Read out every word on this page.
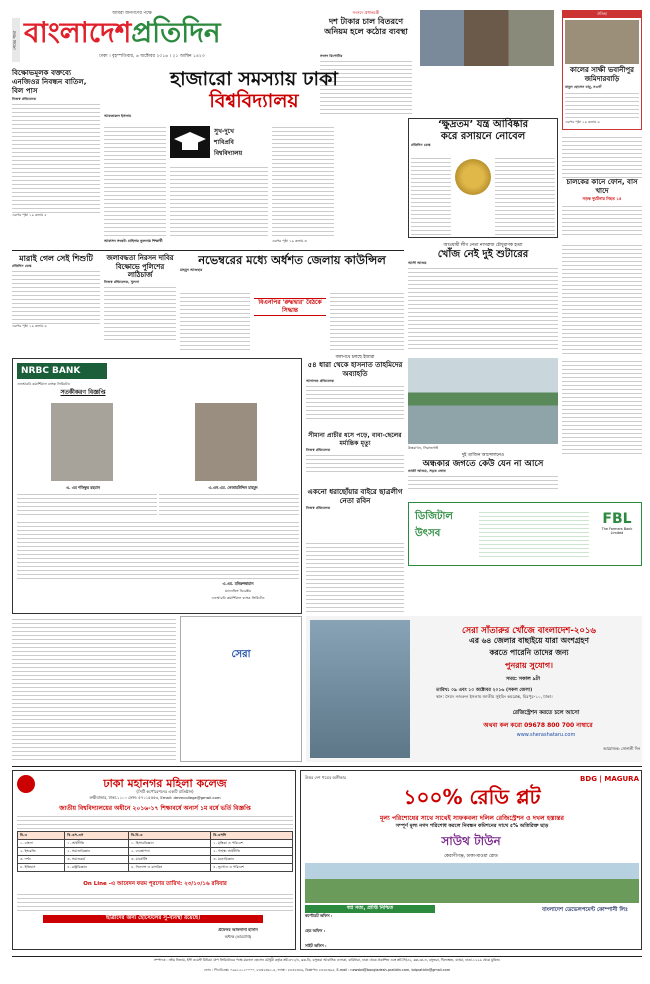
শেষের পাতা
আমরা জনগণের পক্ষে
বাংলাদেশপ্রতিদিন
ঢাকা । বৃহস্পতিবার, ৬ অক্টোবর ২০১৬ । ২১ আশ্বিন ১৪২৩
সংসদে প্রধানমন্ত্রী
দশ টাকার চাল বিতরণে অনিয়ম হলে কঠোর ব্যবস্থা
সংসদ রিপোর্টার
ঐতিহ্য
কালের সাক্ষী ভবানীপুর জমিদারবাড়ি
বাবুল হোসেন বাবু, নওগাঁ
এরপর পৃষ্ঠা ১৯ কলাম ৬
বিক্ষোভমূলক বক্তব্যে এনজিওর নিবন্ধন বাতিল, বিল পাস
নিজস্ব প্রতিবেদক
এরপর পৃষ্ঠা ১৯ কলাম ৫
হাজারো সমস্যায় ঢাকা
বিশ্ববিদ্যালয়
আকতারুল ইসলাম
সুখ-দুখে
শাবিপ্রবি
বিশ্ববিদ্যালয়
আবাসন সংকট: চাহিদার তুলনায় শিক্ষার্থী	এরপর পৃষ্ঠা ১৯ কলাম ৩
‘ক্ষুদ্রতম’ যন্ত্র আবিষ্কার
করে রসায়নে নোবেল
প্রতিদিন ডেস্ক
চালকের কানে ফোন, বাস খাদে
সড়ক দুর্ঘটনায় নিহত ১৫
আওয়ামী লীগ নেতা নাসরাজ চৌধুরাণক হত্যা
খোঁজ নেই দুই শুটারের
আলী আজম
মারাই গেল সেই শিশুটি
প্রতিদিন ডেস্ক
এরপর পৃষ্ঠা ১৯ কলাম ৬
জলাবদ্ধতা নিরসন দাবির বিক্ষোভে পুলিশের লাঠিচার্জ
নিজস্ব প্রতিবেদক, খুলনা
নভেম্বরের মধ্যে অর্ধশত জেলায় কাউন্সিল
মাহমুদ আজহার
বিএনপির 'রুদ্ধদ্বার' বৈঠকে সিদ্ধান্ত
জলপথে চলছে ইজারা
৫৪ ধারা থেকে হাসনাত তাহমিদের অব্যাহতি
আদালত প্রতিবেদক
উত্তরাখন, সিরাজগঞ্জ
সীমানা প্রাচীর ধসে পড়ে, বাবা-ছেলের মর্মান্তিক মৃত্যু
নিজস্ব প্রতিবেদক
দুই তাজিন আন্দোলনেও
অন্ধকার জগতে কেউ যেন না আসে
তাজী আজম, সড়ক স্রোত
NRBC BANK
এনআরবি কমার্শিয়াল ব্যাংক লিমিটেড
সতর্কীকরণ বিজ্ঞপ্তি
এ. এম শফিকুর রহমান	এ.এস.এম. নেজামউদ্দিন মাহমুদ
এ.এম. মনিরুজ্জামান
ম্যানেজিং ডিরেক্টর
এনআরবি কমার্শিয়াল ব্যাংক লিমিটেড
একনো ধরাছোঁয়ার বাইরে ছাত্রলীগ নেতা রবিন
নিজস্ব প্রতিবেদক
ডিজিটাল উৎসব
FBL
The Farmers Bank Limited
সেরা সাঁতারুর খোঁজে বাংলাদেশ-২০১৬
এর ৬৪ জেলার বাছাইয়ে যারা অংশগ্রহণ
করতে পারেনি তাদের জন্য
পুনরায় সুযোগ।
সময়: সকাল ৯টা
তারিখ: ০৯ এবং ১০ অক্টোবর ২০১৬ (সকল জেলা)
স্থান: সৈয়দ নজরুল ইসলাম জাতীয় সুইমিং কমপ্লেক্স, মিরপুর-১০, ঢাকা।
রেজিস্ট্রেশন করতে চলে আসো
অথবা কল করো 09678 800 700 নাম্বারে
www.sherashataru.com
আয়োজক: সোনালী দিন
সেরা
ঢাকা মহানগর মহিলা কলেজ
(সিটি কর্পোরেশনের একটি প্রতিষ্ঠান)
লক্ষীবাজার, ঢাকা-১১০০ ফোন: ৫৭১১৫৫৫৩, Email: dmmcollege@gmail.com
জাতীয় বিশ্ববিদ্যালয়ের অধীনে ২০১৬-১৭ শিক্ষাবর্ষে অনার্স ১ম বর্ষে ভর্তি বিজ্ঞপ্তি
বি.এ	বি.এস.এস	বি.বি.এ	বি.এসসি
১. বাংলা	১. অর্থনীতি	১. হিসাববিজ্ঞান	১. মৃত্তিকা ও পরিবেশ
২. ইংরেজি	২. সমাজবিজ্ঞান	২. ব্যবস্থাপনা	২. গার্হস্থ্য অর্থনীতি
৩. দর্শন	৩. সমাজকর্ম	৩. মার্কেটিং	৩. মনোবিজ্ঞান
৪. ইতিহাস	৪. রাষ্ট্রবিজ্ঞান	৪. ফিন্যান্স ও ব্যাংকিং	৪. ভূগোল ও পরিবেশ
On Line -এ আবেদন ফরম পূরণের তারিখ: ২৩/১০/১৬ রবিবার
ছাত্রীদের জন্য হোস্টেলের সু-ব্যবস্থা রয়েছে।
প্রফেসর আফসানা হাসান
অধ্যক্ষ (ভারপ্রাপ্ত)
উত্তর দেশ পত্রের অঙ্গীকার	BDG | MAGURA
১০০% রেডি প্লট
মূল্য পরিশোধের সাথে সাথেই সাফকবলা দলিল রেজিস্ট্রেশন ও দখল হস্তান্তর
সম্পূর্ণ মূল্য নগদ পরিশোধ করলে নিবন্ধন কমিশনের সাথে ৫% অতিরিক্ত ছাড়
সাউথ টাউন
কেরাণীগঞ্জ, ঢাকা-মাওয়া রোড
স্বপ্ন সত্য, প্রাপ্তি নিশ্চিত
কর্পোরেট অফিস :
হেড অফিস :
সাইট অফিস :
বাংলাদেশ ডেভেলপমেন্ট কোম্পানী লিঃ
সম্পাদক : নঈম নিজাম, ইস্ট ওয়েস্ট মিডিয়া গ্রুপ লিমিটেডের পক্ষে ময়নাল হোসেন চৌধুরী কর্তৃক প্লট-৩৭১/এ, ব্লক-ডি, বসুন্ধরা আবাসিক এলাকা, বারিধারা, ঢাকা থেকে প্রকাশিত এবং প্লট-সি/৫২, ব্লক-কে-এ, বসুন্ধরা, খিলক্ষেত, বাড্ডা, ঢাকা-১২২৯ থেকে মুদ্রিত।
ফোন : পিএবিএক্স: ০৯৬১২১২০০০০, ৮৪৩২৩৬১-৪, ফ্যাক্স : ৮৪৩২৩৪৬, বিজ্ঞাপন: ৮৪৩২৩৯৫, E-mail : newsbd@bangladesh-pratidin.com, bdpratidin@gmail.com
